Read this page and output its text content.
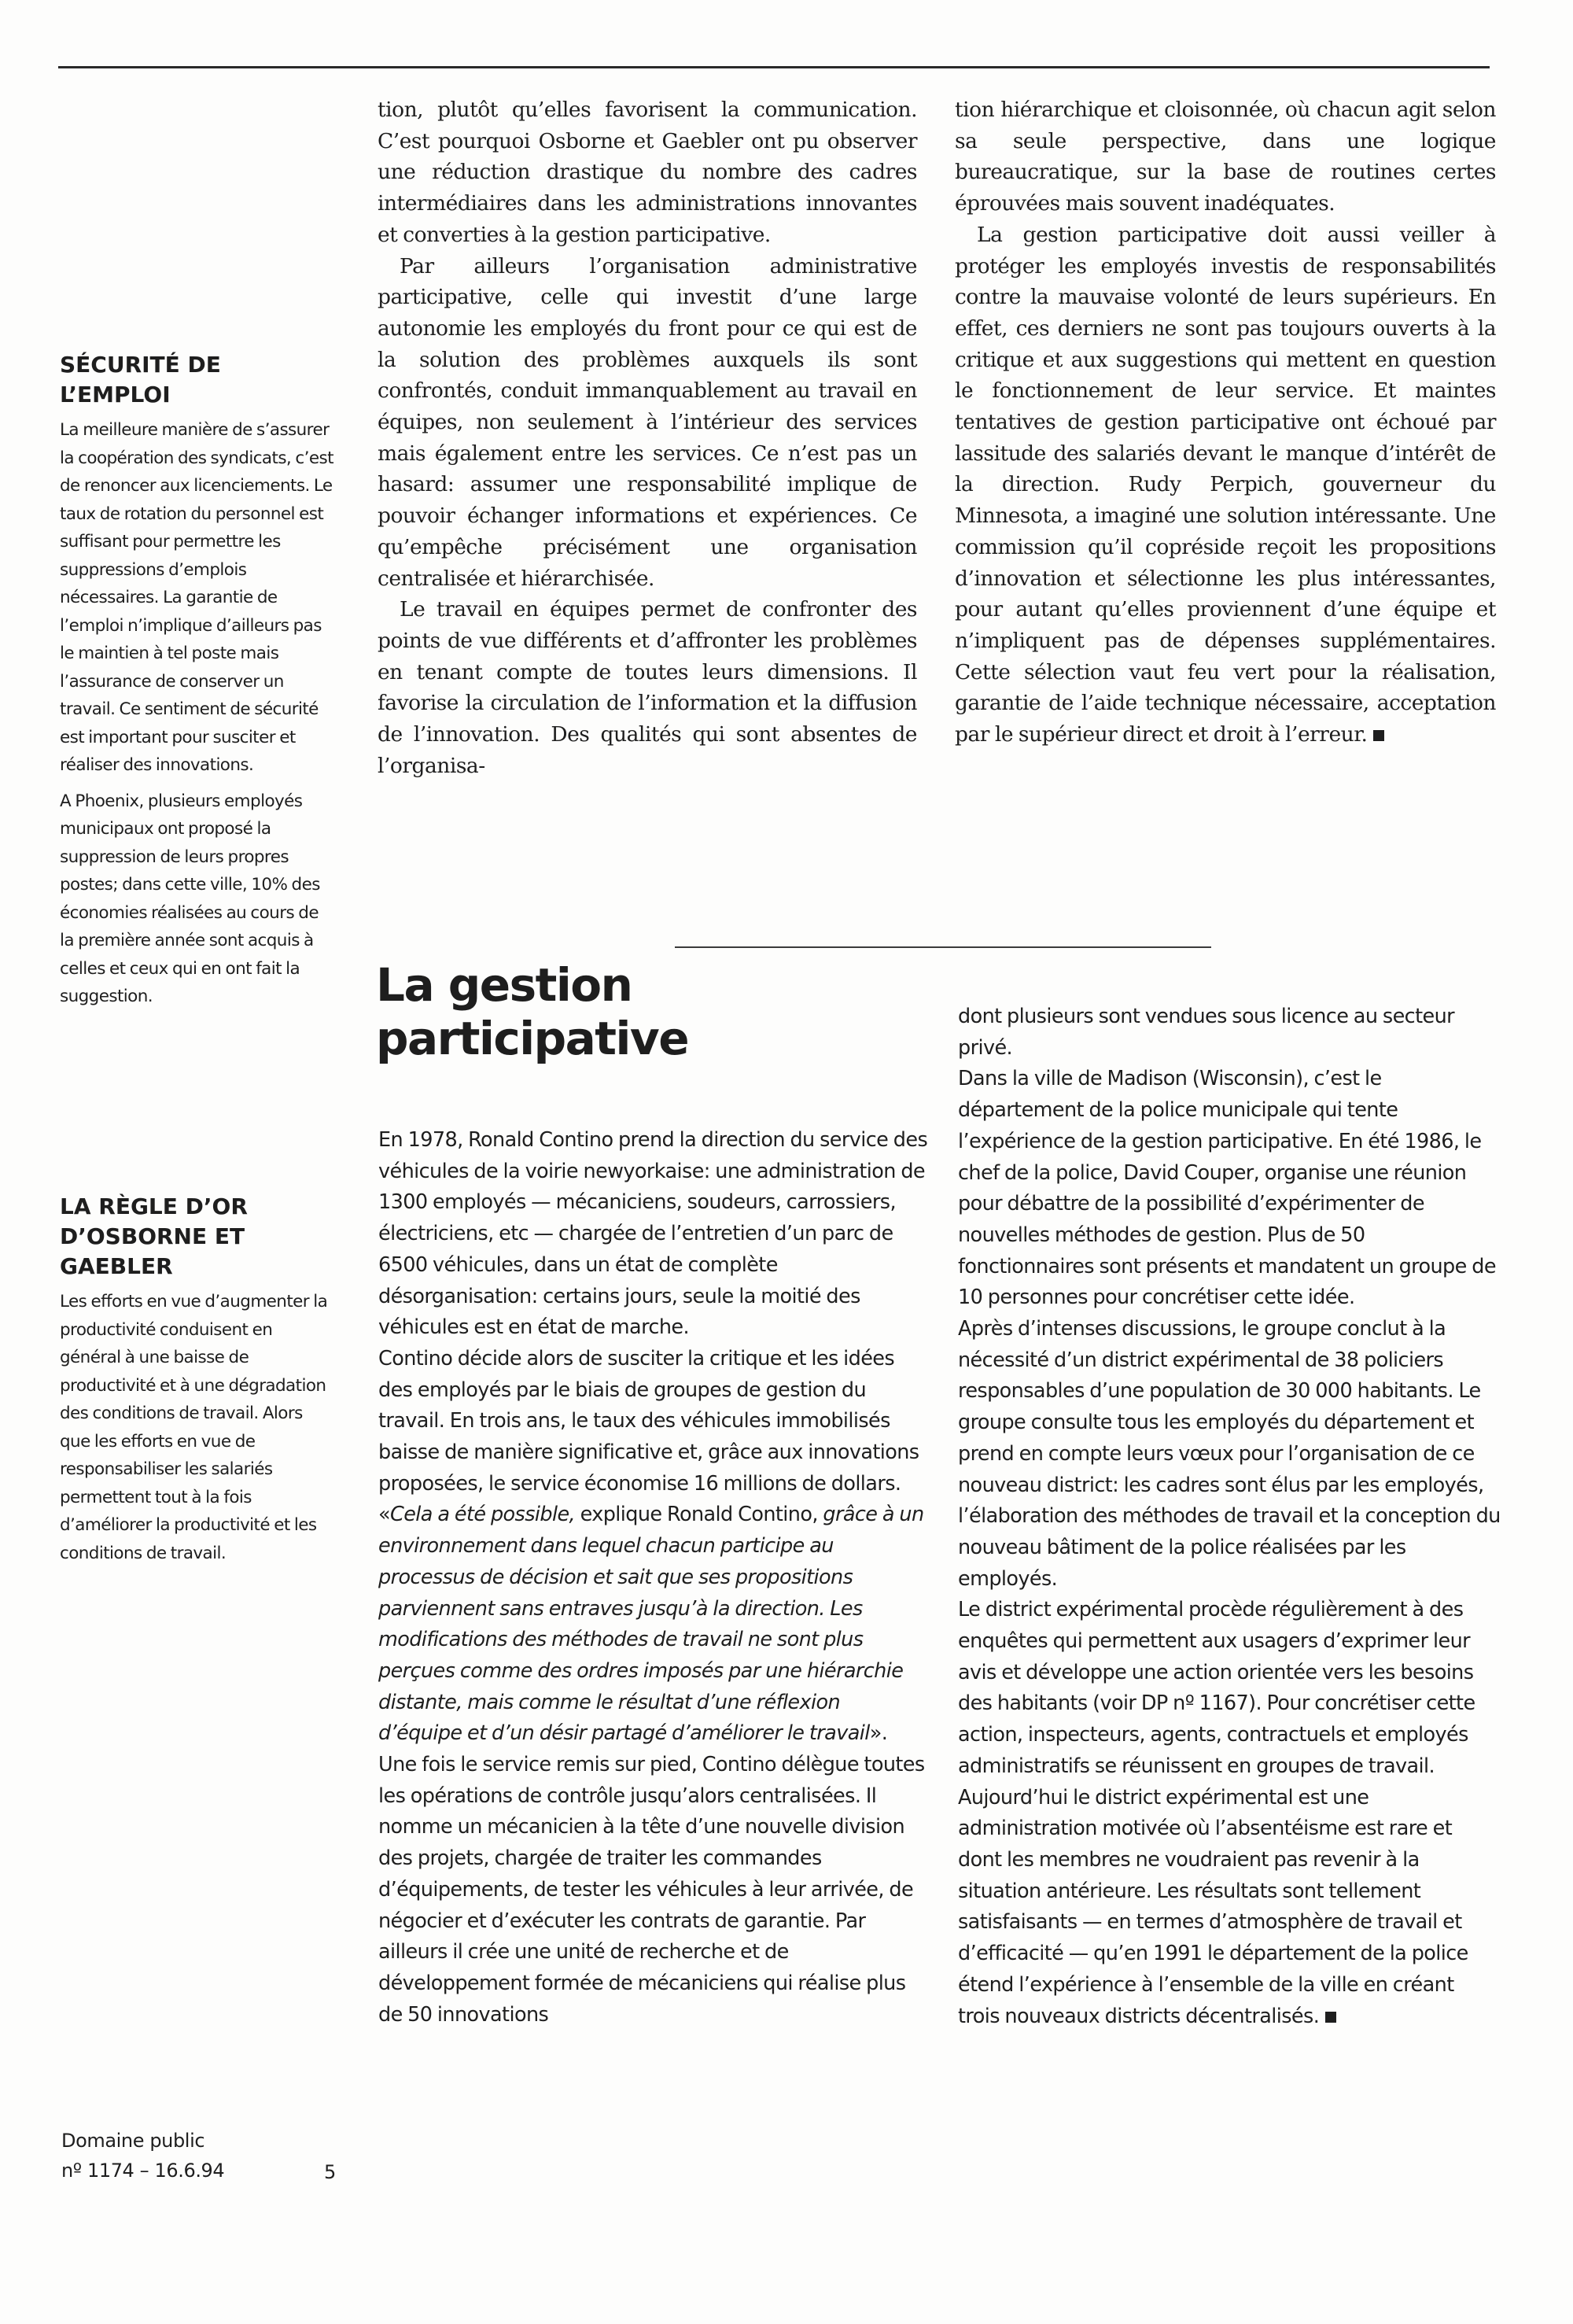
SÉCURITÉ DE
L’EMPLOI

La meilleure manière de s’assurer la coopération des syndicats, c’est de renoncer aux licenciements. Le taux de rotation du personnel est suffisant pour permettre les suppressions d’emplois nécessaires. La garantie de l’emploi n’implique d’ailleurs pas le maintien à tel poste mais l’assurance de conserver un travail. Ce sentiment de sécurité est important pour susciter et réaliser des innovations.

A Phoenix, plusieurs employés municipaux ont proposé la suppression de leurs propres postes; dans cette ville, 10% des économies réalisées au cours de la première année sont acquis à celles et ceux qui en ont fait la suggestion.

LA RÈGLE D’OR
D’OSBORNE ET
GAEBLER

Les efforts en vue d’augmenter la productivité conduisent en général à une baisse de productivité et à une dégradation des conditions de travail. Alors que les efforts en vue de responsabiliser les salariés permettent tout à la fois d’améliorer la productivité et les conditions de travail.

tion, plutôt qu’elles favorisent la communication. C’est pourquoi Osborne et Gaebler ont pu observer une réduction drastique du nombre des cadres intermédiaires dans les administrations innovantes et converties à la gestion participative.

Par ailleurs l’organisation administrative participative, celle qui investit d’une large autonomie les employés du front pour ce qui est de la solution des problèmes auxquels ils sont confrontés, conduit immanquablement au travail en équipes, non seulement à l’intérieur des services mais également entre les services. Ce n’est pas un hasard: assumer une responsabilité implique de pouvoir échanger informations et expériences. Ce qu’empêche précisément une organisation centralisée et hiérarchisée.

Le travail en équipes permet de confronter des points de vue différents et d’affronter les problèmes en tenant compte de toutes leurs dimensions. Il favorise la circulation de l’information et la diffusion de l’innovation. Des qualités qui sont absentes de l’organisa-

tion hiérarchique et cloisonnée, où chacun agit selon sa seule perspective, dans une logique bureaucratique, sur la base de routines certes éprouvées mais souvent inadéquates.

La gestion participative doit aussi veiller à protéger les employés investis de responsabilités contre la mauvaise volonté de leurs supérieurs. En effet, ces derniers ne sont pas toujours ouverts à la critique et aux suggestions qui mettent en question le fonctionnement de leur service. Et maintes tentatives de gestion participative ont échoué par lassitude des salariés devant le manque d’intérêt de la direction. Rudy Perpich, gouverneur du Minnesota, a imaginé une solution intéressante. Une commission qu’il copréside reçoit les propositions d’innovation et sélectionne les plus intéressantes, pour autant qu’elles proviennent d’une équipe et n’impliquent pas de dépenses supplémentaires. Cette sélection vaut feu vert pour la réalisation, garantie de l’aide technique nécessaire, acceptation par le supérieur direct et droit à l’erreur.

La gestion
participative

En 1978, Ronald Contino prend la direction du service des véhicules de la voirie newyorkaise: une administration de 1300 employés — mécaniciens, soudeurs, carrossiers, électriciens, etc — chargée de l’entretien d’un parc de 6500 véhicules, dans un état de complète désorganisation: certains jours, seule la moitié des véhicules est en état de marche.

Contino décide alors de susciter la critique et les idées des employés par le biais de groupes de gestion du travail. En trois ans, le taux des véhicules immobilisés baisse de manière significative et, grâce aux innovations proposées, le service économise 16 millions de dollars. «Cela a été possible, explique Ronald Contino, grâce à un environnement dans lequel chacun participe au processus de décision et sait que ses propositions parviennent sans entraves jusqu’à la direction. Les modifications des méthodes de travail ne sont plus perçues comme des ordres imposés par une hiérarchie distante, mais comme le résultat d’une réflexion d’équipe et d’un désir partagé d’améliorer le travail».

Une fois le service remis sur pied, Contino délègue toutes les opérations de contrôle jusqu’alors centralisées. Il nomme un mécanicien à la tête d’une nouvelle division des projets, chargée de traiter les commandes d’équipements, de tester les véhicules à leur arrivée, de négocier et d’exécuter les contrats de garantie. Par ailleurs il crée une unité de recherche et de développement formée de mécaniciens qui réalise plus de 50 innovations

dont plusieurs sont vendues sous licence au secteur privé.

Dans la ville de Madison (Wisconsin), c’est le département de la police municipale qui tente l’expérience de la gestion participative. En été 1986, le chef de la police, David Couper, organise une réunion pour débattre de la possibilité d’expérimenter de nouvelles méthodes de gestion. Plus de 50 fonctionnaires sont présents et mandatent un groupe de 10 personnes pour concrétiser cette idée.

Après d’intenses discussions, le groupe conclut à la nécessité d’un district expérimental de 38 policiers responsables d’une population de 30 000 habitants. Le groupe consulte tous les employés du département et prend en compte leurs vœux pour l’organisation de ce nouveau district: les cadres sont élus par les employés, l’élaboration des méthodes de travail et la conception du nouveau bâtiment de la police réalisées par les employés.

Le district expérimental procède régulièrement à des enquêtes qui permettent aux usagers d’exprimer leur avis et développe une action orientée vers les besoins des habitants (voir DP nº 1167). Pour concrétiser cette action, inspecteurs, agents, contractuels et employés administratifs se réunissent en groupes de travail.

Aujourd’hui le district expérimental est une administration motivée où l’absentéisme est rare et dont les membres ne voudraient pas revenir à la situation antérieure. Les résultats sont tellement satisfaisants — en termes d’atmosphère de travail et d’efficacité — qu’en 1991 le département de la police étend l’expérience à l’ensemble de la ville en créant trois nouveaux districts décentralisés.

Domaine public
nº 1174 – 16.6.94	5
